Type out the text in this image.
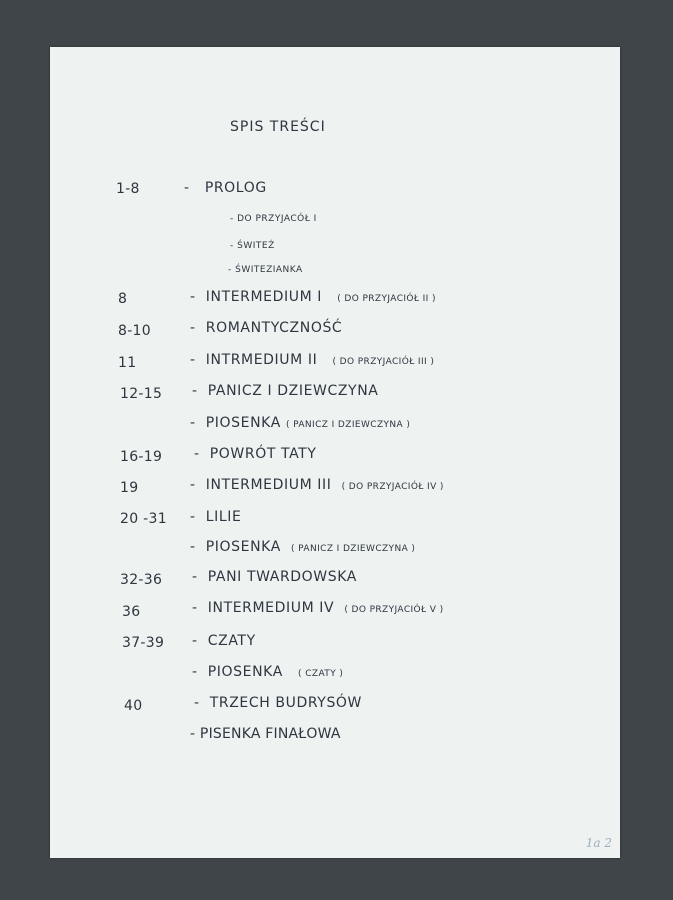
SPIS TREŚCI
1-8	- PROLOG
- DO PRZYJACÓŁ I
- ŚWITEŹ
- ŚWITEZIANKA
8	- INTERMEDIUM I ( DO PRZYJACIÓŁ II )
8-10	- ROMANTYCZNOŚĆ
11	- INTRMEDIUM II ( DO PRZYJACIÓŁ III )
12-15 - PANICZ I DZIEWCZYNA
- PIOSENKA ( PANICZ I DZIEWCZYNA )
16-19 - POWRÓT TATY
19	- INTERMEDIUM III ( DO PRZYJACIÓŁ IV )
20 -31 - LILIE
- PIOSENKA ( PANICZ I DZIEWCZYNA )
32-36 - PANI TWARDOWSKA
36	- INTERMEDIUM IV ( DO PRZYJACIÓŁ V )
37-39 - CZATY
- PIOSENKA ( CZATY )
40	- TRZECH BUDRYSÓW
- PISENKA FINAŁOWA
1a 2
